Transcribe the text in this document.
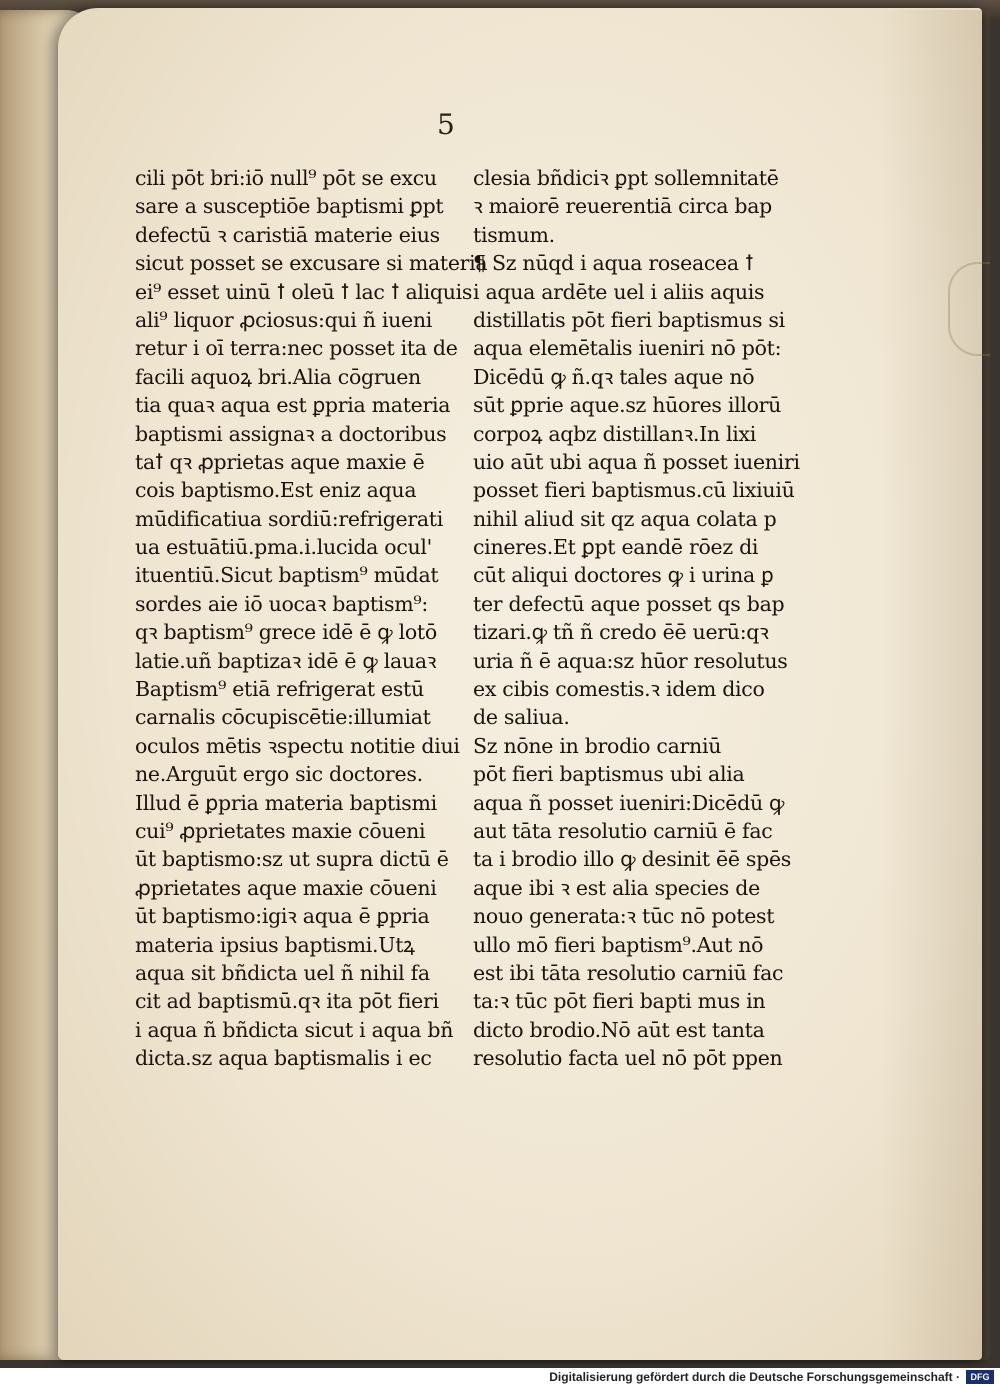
5
cili pōt bri:iō null⁹ pōt se excu
sare a susceptiōe baptismi ꝑpt
defectū ꝛ caristiā materie eius
sicut posset se excusare si materia
ei⁹ esset uinū ꝉ oleū ꝉ lac ꝉ aliquis
ali⁹ liquor ꝓciosus:qui ñ iueni
retur i oī terra:nec posset ita de
facili aquoꝝ bri.Alia cōgruen
tia quaꝛ aqua est ꝑpria materia
baptismi assignaꝛ a doctoribus
taꝉ qꝛ ꝓprietas aque maxie ē
cois baptismo.Est eniz aqua
mūdificatiua sordiū:refrigerati
ua estuātiū.pma.i.lucida ocul'
ituentiū.Sicut baptism⁹ mūdat
sordes aie iō uocaꝛ baptism⁹:
qꝛ baptism⁹ grece idē ē ꝙ lotō
latie.uñ baptizaꝛ idē ē ꝙ lauaꝛ
Baptism⁹ etiā refrigerat estū
carnalis cōcupiscētie:illumiat
oculos mētis ꝛspectu notitie diui
ne.Arguūt ergo sic doctores.
Illud ē ꝑpria materia baptismi
cui⁹ ꝓprietates maxie cōueni
ūt baptismo:sz ut supra dictū ē
ꝓprietates aque maxie cōueni
ūt baptismo:igiꝛ aqua ē ꝑpria
materia ipsius baptismi.Utꝝ
aqua sit bñdicta uel ñ nihil fa
cit ad baptismū.qꝛ ita pōt fieri
i aqua ñ bñdicta sicut i aqua bñ
dicta.sz aqua baptismalis i ec
clesia bñdiciꝛ ꝑpt sollemnitatē
ꝛ maiorē reuerentiā circa bap
tismum.
¶ Sz nūqd i aqua roseacea ꝉ
i aqua ardēte uel i aliis aquis
distillatis pōt fieri baptismus si
aqua elemētalis iueniri nō pōt:
Dicēdū ꝙ ñ.qꝛ tales aque nō
sūt ꝑprie aque.sz hūores illorū
corpoꝝ aqbz distillanꝛ.In lixi
uio aūt ubi aqua ñ posset iueniri
posset fieri baptismus.cū lixiuiū
nihil aliud sit qz aqua colata p
cineres.Et ꝑpt eandē rōez di
cūt aliqui doctores ꝙ i urina ꝑ
ter defectū aque posset qs bap
tizari.ꝙ tñ ñ credo ēē uerū:qꝛ
uria ñ ē aqua:sz hūor resolutus
ex cibis comestis.ꝛ idem dico
de saliua.
Sz nōne in brodio carniū
pōt fieri baptismus ubi alia
aqua ñ posset iueniri:Dicēdū ꝙ
aut tāta resolutio carniū ē fac
ta i brodio illo ꝙ desinit ēē spēs
aque ibi ꝛ est alia species de
nouo generata:ꝛ tūc nō potest
ullo mō fieri baptism⁹.Aut nō
est ibi tāta resolutio carniū fac
ta:ꝛ tūc pōt fieri bapti mus in
dicto brodio.Nō aūt est tanta
resolutio facta uel nō pōt ppen
Digitalisierung gefördert durch die Deutsche Forschungsgemeinschaft ·	DFG
